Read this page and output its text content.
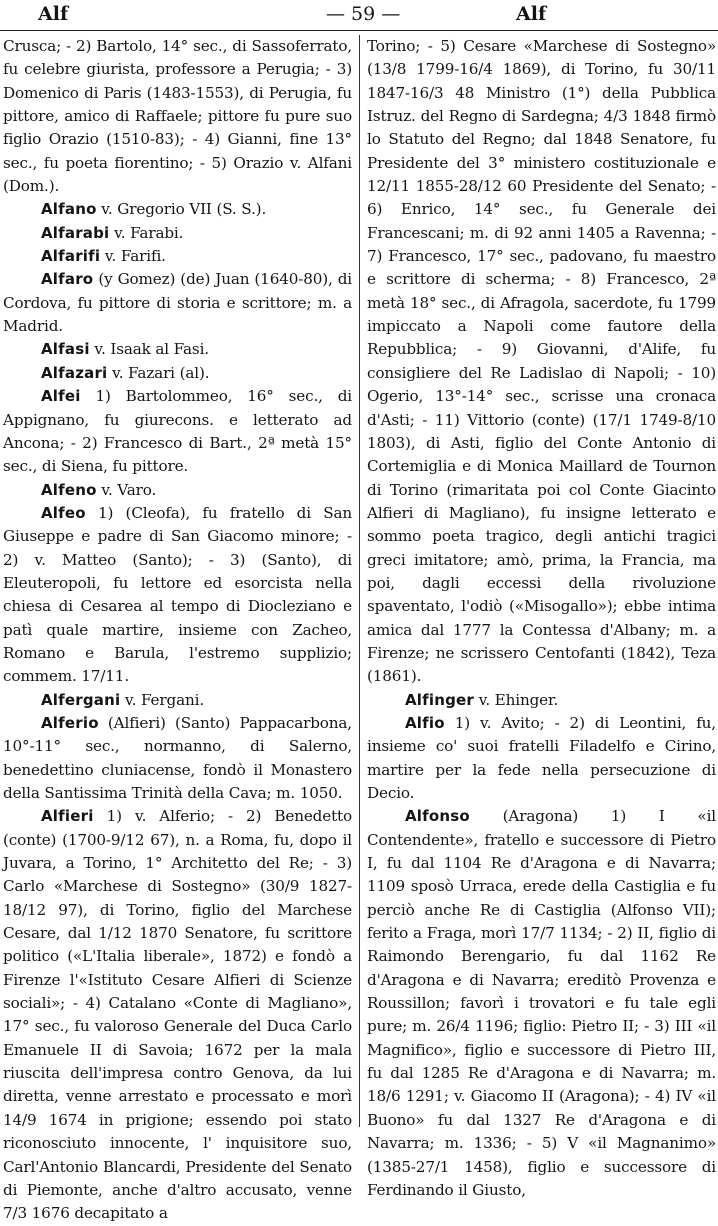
Alf	— 59 —	Alf

Crusca; - 2) Bartolo, 14° sec., di Sassoferrato, fu celebre giurista, professore a Perugia; - 3) Domenico di Paris (1483-1553), di Perugia, fu pittore, amico di Raffaele; pittore fu pure suo figlio Orazio (1510-83); - 4) Gianni, fine 13° sec., fu poeta fiorentino; - 5) Orazio v. Alfani (Dom.).

Alfano v. Gregorio VII (S. S.).

Alfarabi v. Farabi.

Alfarifi v. Farifi.

Alfaro (y Gomez) (de) Juan (1640-80), di Cordova, fu pittore di storia e scrittore; m. a Madrid.

Alfasi v. Isaak al Fasi.

Alfazari v. Fazari (al).

Alfei 1) Bartolommeo, 16° sec., di Appignano, fu giurecons. e letterato ad Ancona; - 2) Francesco di Bart., 2ª metà 15° sec., di Siena, fu pittore.

Alfeno v. Varo.

Alfeo 1) (Cleofa), fu fratello di San Giuseppe e padre di San Giacomo minore; - 2) v. Matteo (Santo); - 3) (Santo), di Eleuteropoli, fu lettore ed esorcista nella chiesa di Cesarea al tempo di Diocleziano e patì quale martire, insieme con Zacheo, Romano e Barula, l'estremo supplizio; commem. 17/11.

Alfergani v. Fergani.

Alferio (Alfieri) (Santo) Pappacarbona, 10°-11° sec., normanno, di Salerno, benedettino cluniacense, fondò il Monastero della Santissima Trinità della Cava; m. 1050.

Alfieri 1) v. Alferio; - 2) Benedetto (conte) (1700-9/12 67), n. a Roma, fu, dopo il Juvara, a Torino, 1° Architetto del Re; - 3) Carlo «Marchese di Sostegno» (30/9 1827-18/12 97), di Torino, figlio del Marchese Cesare, dal 1/12 1870 Senatore, fu scrittore politico («L'Italia liberale», 1872) e fondò a Firenze l'«Istituto Cesare Alfieri di Scienze sociali»; - 4) Catalano «Conte di Magliano», 17° sec., fu valoroso Generale del Duca Carlo Emanuele II di Savoia; 1672 per la mala riuscita dell'impresa contro Genova, da lui diretta, venne arrestato e processato e morì 14/9 1674 in prigione; essendo poi stato riconosciuto innocente, l' inquisitore suo, Carl'Antonio Blancardi, Presidente del Senato di Piemonte, anche d'altro accusato, venne 7/3 1676 decapitato a

Torino; - 5) Cesare «Marchese di Sostegno» (13/8 1799-16/4 1869), di Torino, fu 30/11 1847-16/3 48 Ministro (1°) della Pubblica Istruz. del Regno di Sardegna; 4/3 1848 firmò lo Statuto del Regno; dal 1848 Senatore, fu Presidente del 3° ministero costituzionale e 12/11 1855-28/12 60 Presidente del Senato; - 6) Enrico, 14° sec., fu Generale dei Francescani; m. di 92 anni 1405 a Ravenna; - 7) Francesco, 17° sec., padovano, fu maestro e scrittore di scherma; - 8) Francesco, 2ª metà 18° sec., di Afragola, sacerdote, fu 1799 impiccato a Napoli come fautore della Repubblica; - 9) Giovanni, d'Alife, fu consigliere del Re Ladislao di Napoli; - 10) Ogerio, 13°-14° sec., scrisse una cronaca d'Asti; - 11) Vittorio (conte) (17/1 1749-8/10 1803), di Asti, figlio del Conte Antonio di Cortemiglia e di Monica Maillard de Tournon di Torino (rimaritata poi col Conte Giacinto Alfieri di Magliano), fu insigne letterato e sommo poeta tragico, degli antichi tragici greci imitatore; amò, prima, la Francia, ma poi, dagli eccessi della rivoluzione spaventato, l'odiò («Misogallo»); ebbe intima amica dal 1777 la Contessa d'Albany; m. a Firenze; ne scrissero Centofanti (1842), Teza (1861).

Alfinger v. Ehinger.

Alfio 1) v. Avito; - 2) di Leontini, fu, insieme co' suoi fratelli Filadelfo e Cirino, martire per la fede nella persecuzione di Decio.

Alfonso (Aragona) 1) I «il Contendente», fratello e successore di Pietro I, fu dal 1104 Re d'Aragona e di Navarra; 1109 sposò Urraca, erede della Castiglia e fu perciò anche Re di Castiglia (Alfonso VII); ferito a Fraga, morì 17/7 1134; - 2) II, figlio di Raimondo Berengario, fu dal 1162 Re d'Aragona e di Navarra; ereditò Provenza e Roussillon; favorì i trovatori e fu tale egli pure; m. 26/4 1196; figlio: Pietro II; - 3) III «il Magnifico», figlio e successore di Pietro III, fu dal 1285 Re d'Aragona e di Navarra; m. 18/6 1291; v. Giacomo II (Aragona); - 4) IV «il Buono» fu dal 1327 Re d'Aragona e di Navarra; m. 1336; - 5) V «il Magnanimo» (1385-27/1 1458), figlio e successore di Ferdinando il Giusto,
